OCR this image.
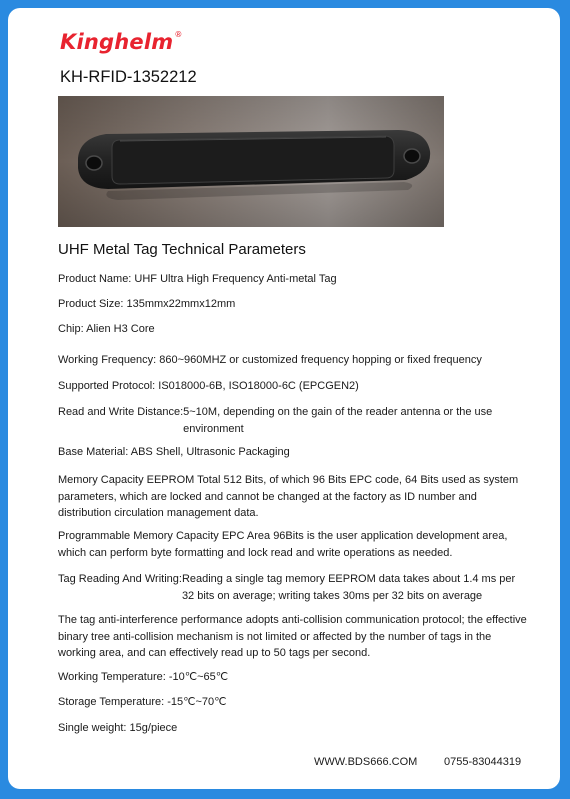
Kinghelm®
KH-RFID-1352212
UHF Metal Tag Technical Parameters
Product Name: UHF Ultra High Frequency Anti-metal Tag
Product Size: 135mmx22mmx12mm
Chip: Alien H3 Core
Working Frequency: 860~960MHZ or customized frequency hopping or fixed frequency
Supported Protocol: IS018000-6B, ISO18000-6C (EPCGEN2)
Read and Write Distance: 5~10M, depending on the gain of the reader antenna or the use environment
Base Material: ABS Shell, Ultrasonic Packaging
Memory Capacity EEPROM Total 512 Bits, of which 96 Bits EPC code, 64 Bits used as system parameters, which are locked and cannot be changed at the factory as ID number and distribution circulation management data.
Programmable Memory Capacity EPC Area 96Bits is the user application development area, which can perform byte formatting and lock read and write operations as needed.
Tag Reading And Writing: Reading a single tag memory EEPROM data takes about 1.4 ms per 32 bits on average; writing takes 30ms per 32 bits on average
The tag anti-interference performance adopts anti-collision communication protocol; the effective binary tree anti-collision mechanism is not limited or affected by the number of tags in the working area, and can effectively read up to 50 tags per second.
Working Temperature: -10℃~65℃
Storage Temperature: -15℃~70℃
Single weight: 15g/piece
WWW.BDS666.COM 0755-83044319
